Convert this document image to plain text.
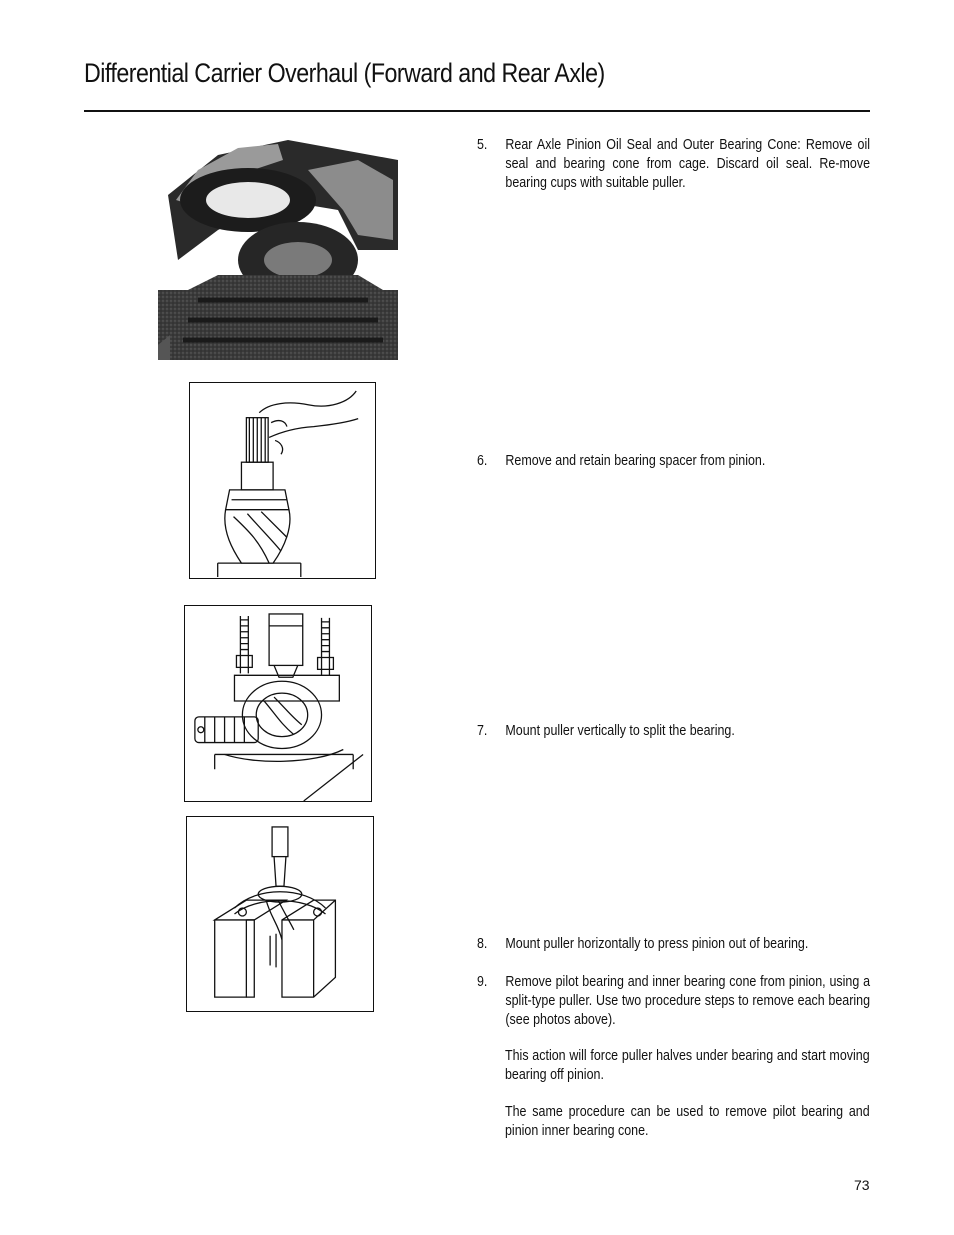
Differential Carrier Overhaul (Forward and Rear Axle)
5. Rear Axle Pinion Oil Seal and Outer Bearing Cone: Remove oil seal and bearing cone from cage. Discard oil seal. Re-move bearing cups with suitable puller.
6. Remove and retain bearing spacer from pinion.
7. Mount puller vertically to split the bearing.
8. Mount puller horizontally to press pinion out of bearing.
9. Remove pilot bearing and inner bearing cone from pinion, using a split-type puller. Use two procedure steps to remove each bearing (see photos above).
This action will force puller halves under bearing and start moving bearing off pinion.
The same procedure can be used to remove pilot bearing and pinion inner bearing cone.
73
